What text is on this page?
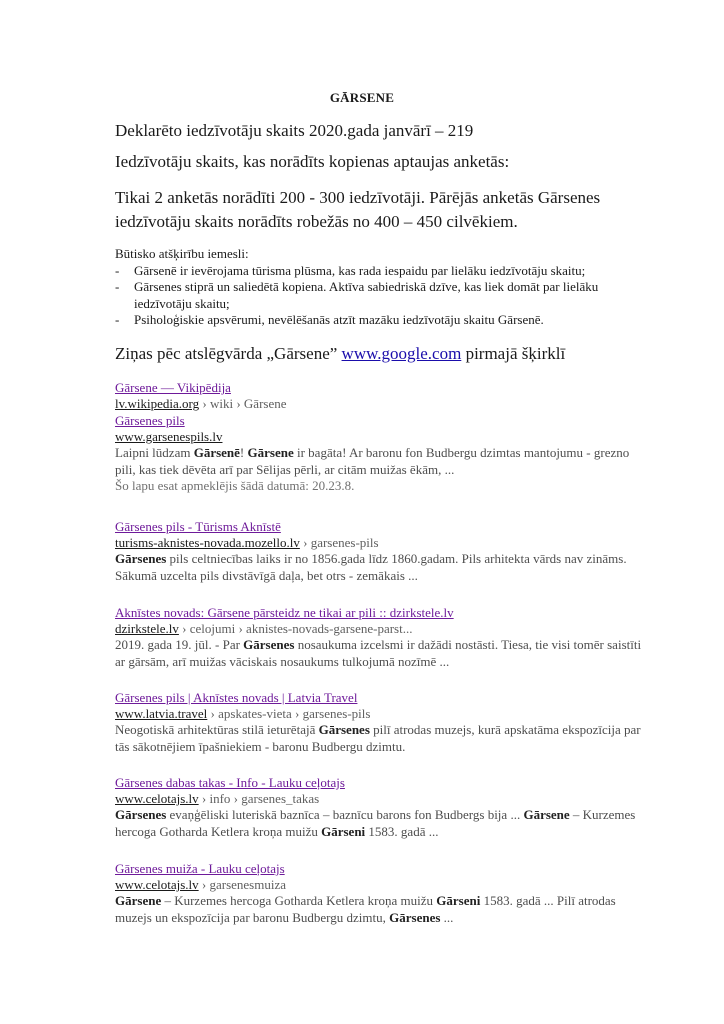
GĀRSENE
Deklarēto iedzīvotāju skaits 2020.gada janvārī – 219
Iedzīvotāju skaits, kas norādīts kopienas aptaujas anketās:
Tikai 2 anketās norādīti 200 - 300 iedzīvotāji. Pārējās anketās Gārsenes iedzīvotāju skaits norādīts robežās no 400 – 450 cilvēkiem.
Būtisko atšķirību iemesli:
- Gārsenē ir ievērojama tūrisma plūsma, kas rada iespaidu par lielāku iedzīvotāju skaitu;
- Gārsenes stiprā un saliedētā kopiena. Aktīva sabiedriskā dzīve, kas liek domāt par lielāku iedzīvotāju skaitu;
- Psiholoģiskie apsvērumi, nevēlēšanās atzīt mazāku iedzīvotāju skaitu Gārsenē.
Ziņas pēc atslēgvārda „Gārsene” www.google.com pirmajā šķirklī
Gārsene — Vikipēdija
lv.wikipedia.org › wiki › Gārsene
Gārsenes pils
www.garsenespils.lv
Laipni lūdzam Gārsenē! Gārsene ir bagāta! Ar baronu fon Budbergu dzimtas mantojumu - grezno pili, kas tiek dēvēta arī par Sēlijas pērli, ar citām muižas ēkām, ...
Šo lapu esat apmeklējis šādā datumā: 20.23.8.
Gārsenes pils - Tūrisms Aknīstē
turisms-aknistes-novada.mozello.lv › garsenes-pils
Gārsenes pils celtniecības laiks ir no 1856.gada līdz 1860.gadam. Pils arhitekta vārds nav zināms. Sākumā uzcelta pils divstāvīgā daļa, bet otrs - zemākais ...
Aknīstes novads: Gārsene pārsteidz ne tikai ar pili :: dzirkstele.lv
dzirkstele.lv › celojumi › aknistes-novads-garsene-parst...
2019. gada 19. jūl. - Par Gārsenes nosaukuma izcelsmi ir dažādi nostāsti. Tiesa, tie visi tomēr saistīti ar gārsām, arī muižas vāciskais nosaukums tulkojumā nozīmē ...
Gārsenes pils | Aknīstes novads | Latvia Travel
www.latvia.travel › apskates-vieta › garsenes-pils
Neogotiskā arhitektūras stilā ieturētajā Gārsenes pilī atrodas muzejs, kurā apskatāma ekspozīcija par tās sākotnējiem īpašniekiem - baronu Budbergu dzimtu.
Gārsenes dabas takas - Info - Lauku ceļotajs
www.celotajs.lv › info › garsenes_takas
Gārsenes evaņģēliski luteriskā baznīca – baznīcu barons fon Budbergs bija ... Gārsene – Kurzemes hercoga Gotharda Ketlera kroņa muižu Gārseni 1583. gadā ...
Gārsenes muiža - Lauku ceļotajs
www.celotajs.lv › garsenesmuiza
Gārsene – Kurzemes hercoga Gotharda Ketlera kroņa muižu Gārseni 1583. gadā ... Pilī atrodas muzejs un ekspozīcija par baronu Budbergu dzimtu, Gārsenes ...
